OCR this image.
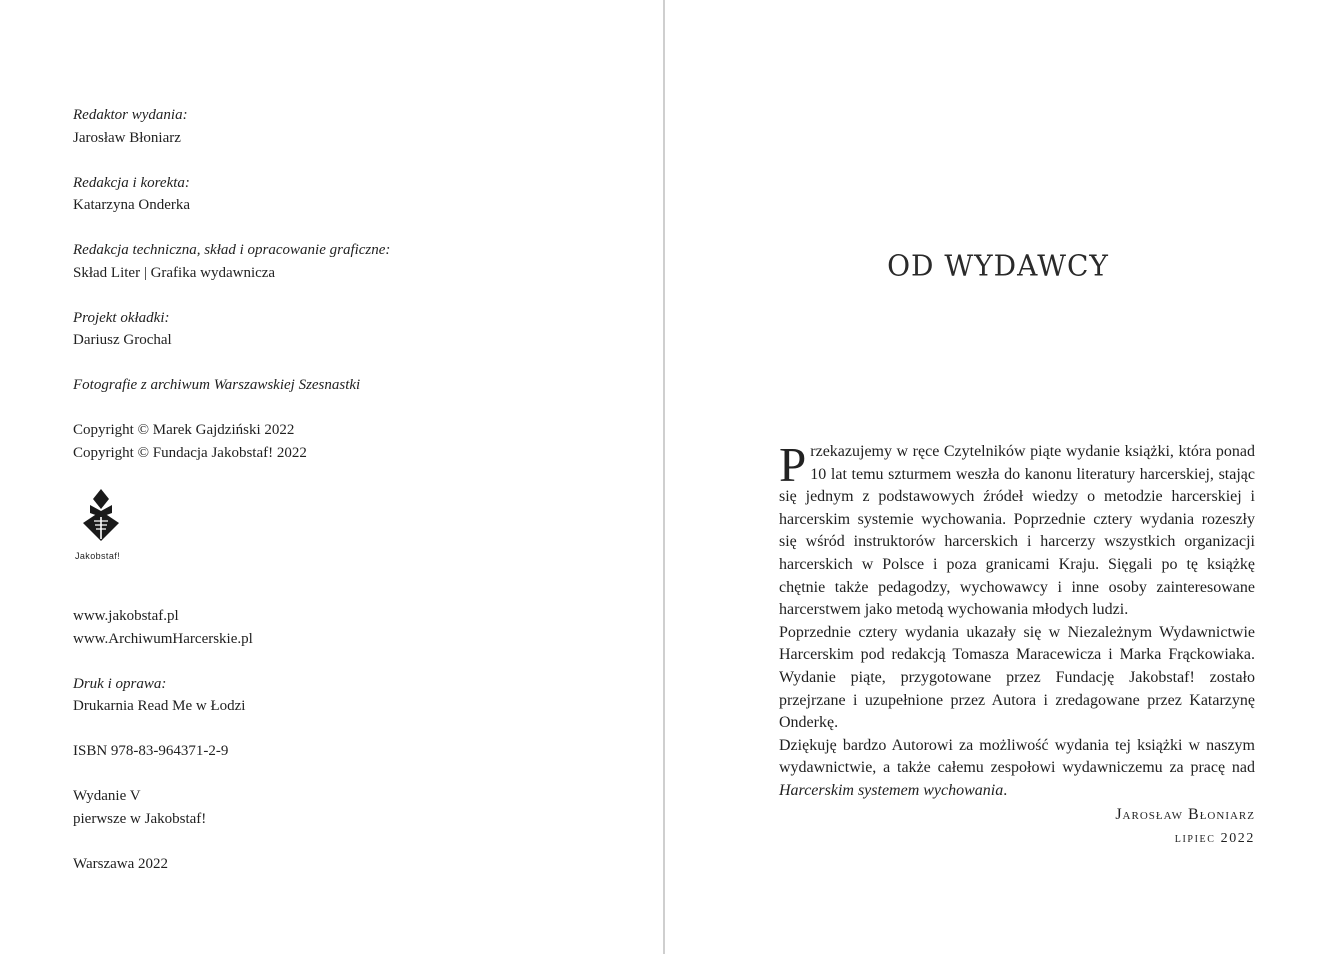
Redaktor wydania:
Jarosław Błoniarz
Redakcja i korekta:
Katarzyna Onderka
Redakcja techniczna, skład i opracowanie graficzne:
Skład Liter | Grafika wydawnicza
Projekt okładki:
Dariusz Grochal
Fotografie z archiwum Warszawskiej Szesnastki
Copyright © Marek Gajdziński 2022
Copyright © Fundacja Jakobstaf! 2022
Jakobstaf!
www.jakobstaf.pl
www.ArchiwumHarcerskie.pl
Druk i oprawa:
Drukarnia Read Me w Łodzi
ISBN 978-83-964371-2-9
Wydanie V
pierwsze w Jakobstaf!
Warszawa 2022
OD WYDAWCY

Przekazujemy w ręce Czytelników piąte wydanie książki, która ponad 10 lat temu szturmem weszła do kanonu literatury harcerskiej, stając się jednym z podstawowych źródeł wiedzy o metodzie harcerskiej i harcerskim systemie wychowania. Poprzednie cztery wydania rozeszły się wśród instruktorów harcerskich i harcerzy wszystkich organizacji harcerskich w Polsce i poza granicami Kraju. Sięgali po tę książkę chętnie także pedagodzy, wychowawcy i inne osoby zainteresowane harcerstwem jako metodą wychowania młodych ludzi.

Poprzednie cztery wydania ukazały się w Niezależnym Wydawnictwie Harcerskim pod redakcją Tomasza Maracewicza i Marka Frąckowiaka. Wydanie piąte, przygotowane przez Fundację Jakobstaf! zostało przejrzane i uzupełnione przez Autora i zredagowane przez Katarzynę Onderkę.

Dziękuję bardzo Autorowi za możliwość wydania tej książki w naszym wydawnictwie, a także całemu zespołowi wydawniczemu za pracę nad Harcerskim systemem wychowania.

Jarosław Błoniarz
lipiec 2022
